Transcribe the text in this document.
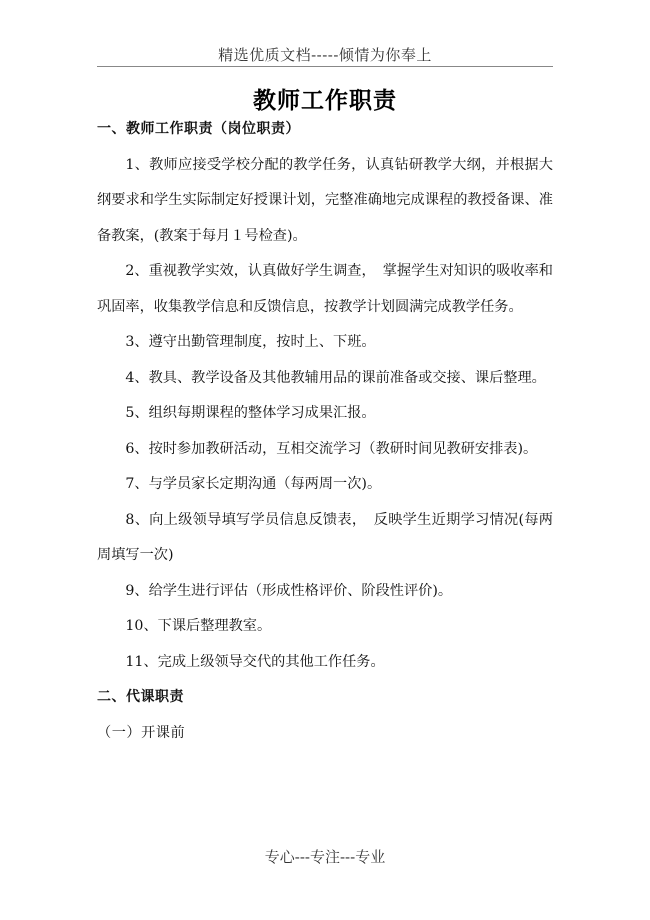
精选优质文档-----倾情为你奉上
教师工作职责

一、教师工作职责（岗位职责）

1、教师应接受学校分配的教学任务，认真钻研教学大纲，并根据大纲要求和学生实际制定好授课计划，完整准确地完成课程的教授备课、准备教案，(教案于每月１号检查)。

2、重视教学实效，认真做好学生调查，　掌握学生对知识的吸收率和巩固率，收集教学信息和反馈信息，按教学计划圆满完成教学任务。

3、遵守出勤管理制度，按时上、下班。

4、教具、教学设备及其他教辅用品的课前准备或交接、课后整理。

5、组织每期课程的整体学习成果汇报。

6、按时参加教研活动，互相交流学习（教研时间见教研安排表)。

7、与学员家长定期沟通（每两周一次)。

8、向上级领导填写学员信息反馈表，　反映学生近期学习情况(每两周填写一次)

9、给学生进行评估（形成性格评价、阶段性评价)。

10、下课后整理教室。

11、完成上级领导交代的其他工作任务。

二、代课职责

（一）开课前

专心---专注---专业
